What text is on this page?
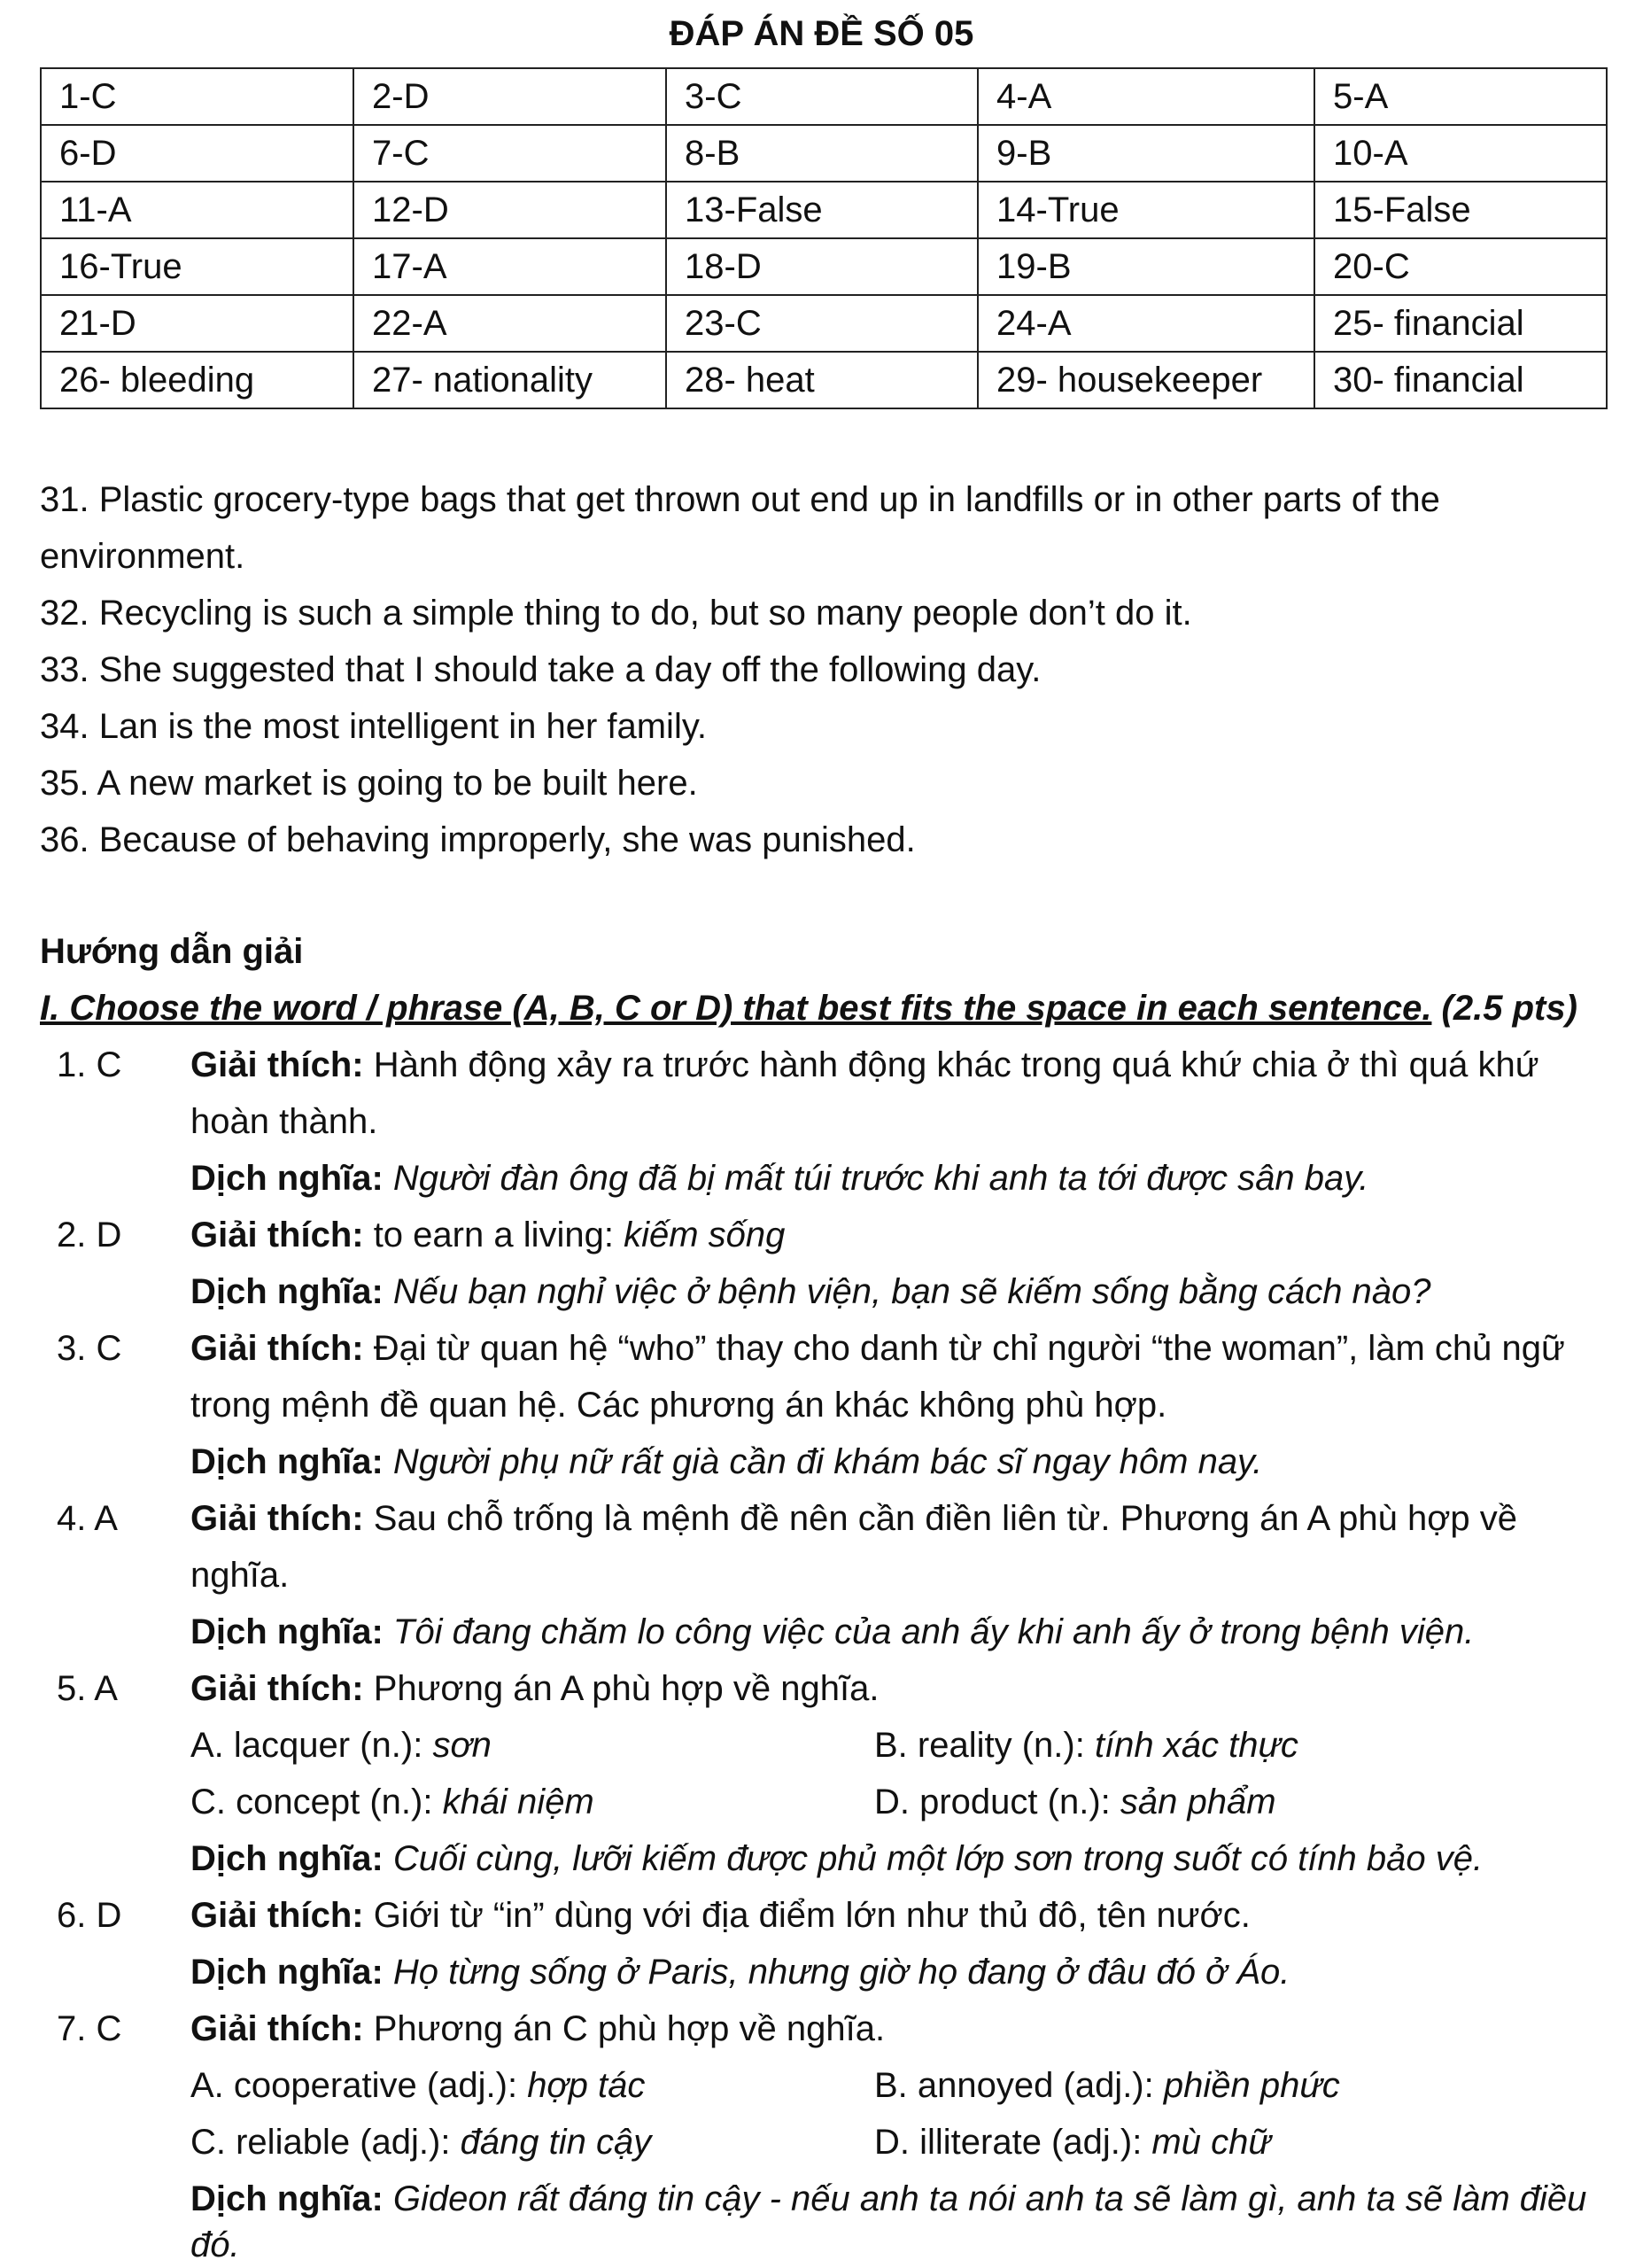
ĐÁP ÁN ĐỀ SỐ 05
1-C	2-D	3-C	4-A	5-A
6-D	7-C	8-B	9-B	10-A
11-A	12-D	13-False	14-True	15-False
16-True	17-A	18-D	19-B	20-C
21-D	22-A	23-C	24-A	25- financial
26- bleeding	27- nationality	28- heat	29- housekeeper	30- financial
31. Plastic grocery-type bags that get thrown out end up in landfills or in other parts of the
environment.
32. Recycling is such a simple thing to do, but so many people don’t do it.
33. She suggested that I should take a day off the following day.
34. Lan is the most intelligent in her family.
35. A new market is going to be built here.
36. Because of behaving improperly, she was punished.
Hướng dẫn giải
I. Choose the word / phrase (A, B, C or D) that best fits the space in each sentence. (2.5 pts)
1. C Giải thích: Hành động xảy ra trước hành động khác trong quá khứ chia ở thì quá khứ
hoàn thành.
Dịch nghĩa: Người đàn ông đã bị mất túi trước khi anh ta tới được sân bay.
2. D Giải thích: to earn a living: kiếm sống
Dịch nghĩa: Nếu bạn nghỉ việc ở bệnh viện, bạn sẽ kiếm sống bằng cách nào?
3. C Giải thích: Đại từ quan hệ “who” thay cho danh từ chỉ người “the woman”, làm chủ ngữ
trong mệnh đề quan hệ. Các phương án khác không phù hợp.
Dịch nghĩa: Người phụ nữ rất già cần đi khám bác sĩ ngay hôm nay.
4. A Giải thích: Sau chỗ trống là mệnh đề nên cần điền liên từ. Phương án A phù hợp về
nghĩa.
Dịch nghĩa: Tôi đang chăm lo công việc của anh ấy khi anh ấy ở trong bệnh viện.
5. A Giải thích: Phương án A phù hợp về nghĩa.
A. lacquer (n.): sơn	B. reality (n.): tính xác thực
C. concept (n.): khái niệm	D. product (n.): sản phẩm
Dịch nghĩa: Cuối cùng, lưỡi kiếm được phủ một lớp sơn trong suốt có tính bảo vệ.
6. D Giải thích: Giới từ “in” dùng với địa điểm lớn như thủ đô, tên nước.
Dịch nghĩa: Họ từng sống ở Paris, nhưng giờ họ đang ở đâu đó ở Áo.
7. C Giải thích: Phương án C phù hợp về nghĩa.
A. cooperative (adj.): hợp tác	B. annoyed (adj.): phiền phức
C. reliable (adj.): đáng tin cậy	D. illiterate (adj.): mù chữ
Dịch nghĩa: Gideon rất đáng tin cậy - nếu anh ta nói anh ta sẽ làm gì, anh ta sẽ làm điều
đó.
